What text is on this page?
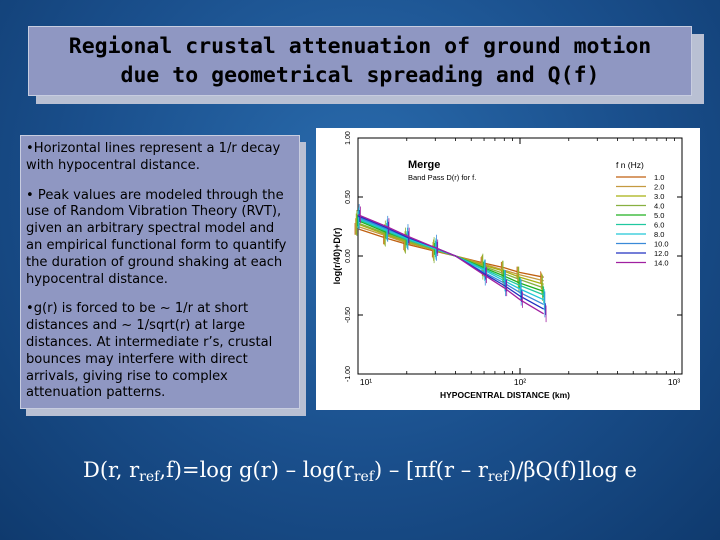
Regional crustal attenuation of ground motion
due to geometrical spreading and Q(f)

•Horizontal lines represent a 1/r decay with hypocentral distance.

• Peak values are modeled through the use of Random Vibration Theory (RVT), given an arbitrary spectral model and an empirical functional form to quantify the duration of ground shaking at each hypocentral distance.

•g(r) is forced to be ~ 1/r at short distances and ~ 1/sqrt(r) at large distances. At intermediate r’s, crustal bounces may interfere with direct arrivals, giving rise to complex attenuation patterns.

Merge
Band Pass D(r) for f.
f n (Hz)
1.00
0.50
0.00
-0.50
-1.00
10¹	10²	10³
HYPOCENTRAL DISTANCE (km)
log(r/40)+D(r)
1.0
2.0
3.0
4.0
5.0
6.0
8.0
10.0
12.0
14.0
D(r, $r_{ref},f)=\log$ $g(r) - \log(r_{ref}) - [\pi f(r - r_{ref})/\beta Q(f)]\log$ e
